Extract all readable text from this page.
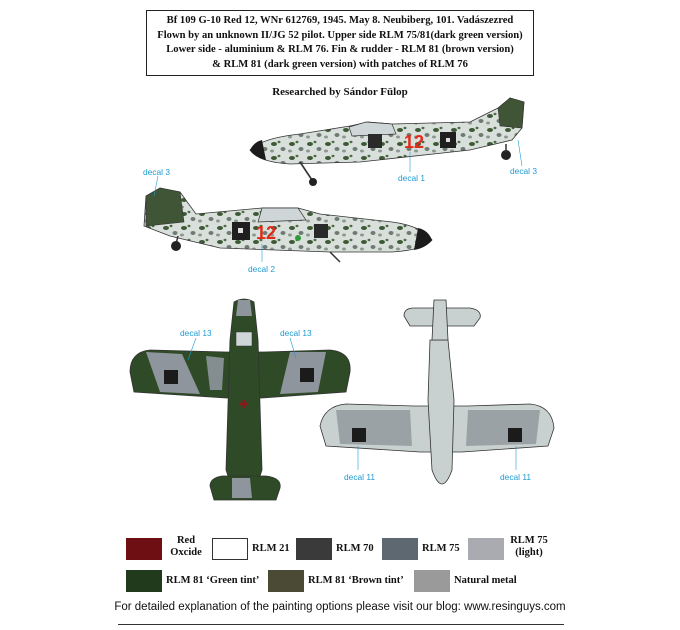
Bf 109 G-10 Red 12, WNr 612769, 1945. May 8. Neubiberg, 101. Vadászezred
Flown by an unknown II/JG 52 pilot. Upper side RLM 75/81(dark green version)
Lower side - aluminium & RLM 76. Fin & rudder - RLM 81 (brown version)
& RLM 81 (dark green version) with patches of RLM 76
Researched by Sándor Fülop
12
decal 1
decal 3
12
decal 3
decal 2
decal 13	decal 13
decal 11	decal 11
Red
Oxcide	RLM 21	RLM 70	RLM 75
RLM 75
(light)
RLM 81 ‘Green tint’	RLM 81 ‘Brown tint’	Natural metal
For detailed explanation of the painting options please visit our blog: www.resinguys.com
